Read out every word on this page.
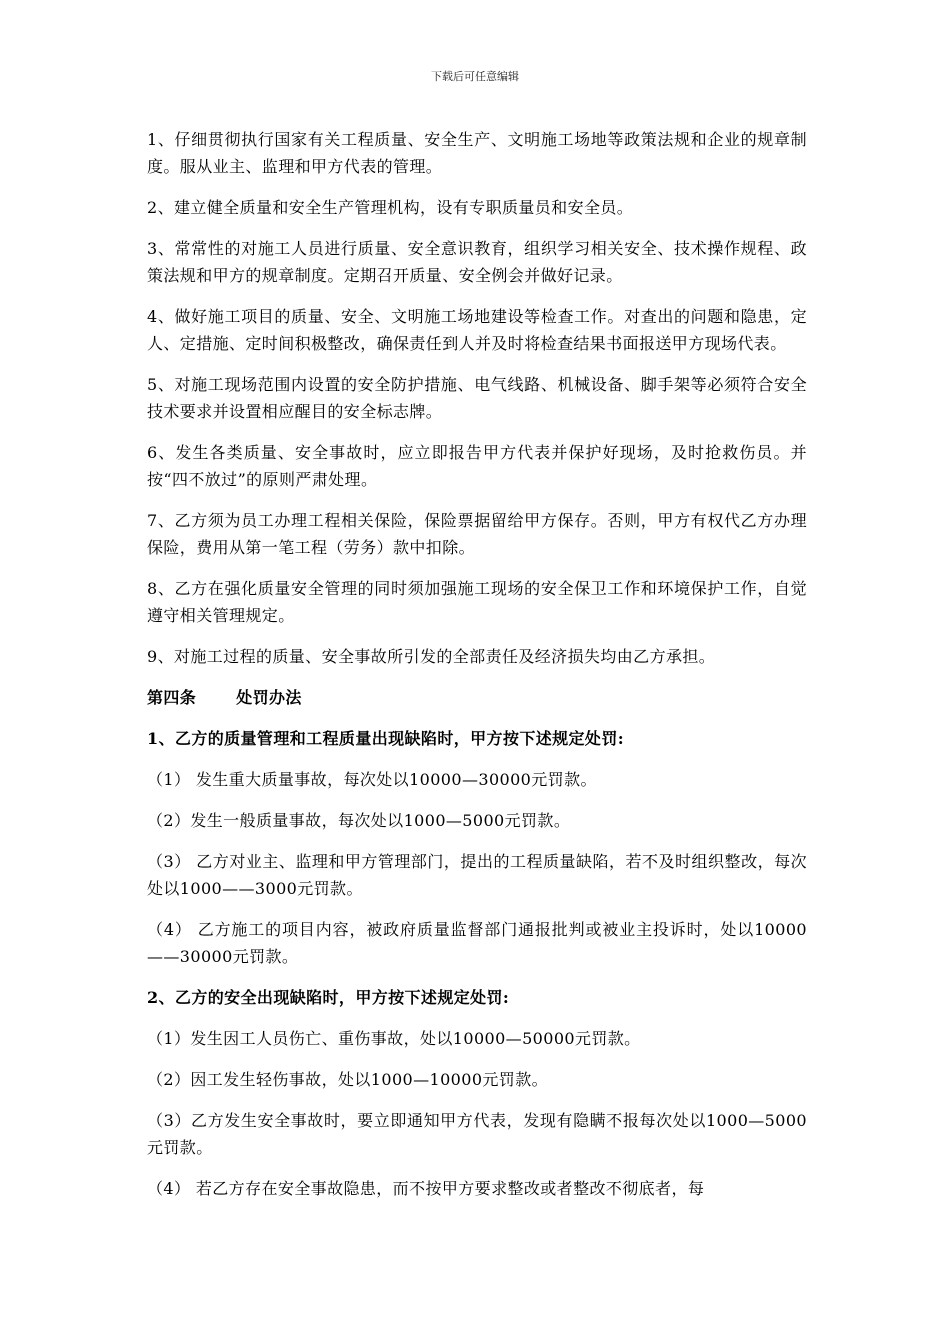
下载后可任意编辑

1、仔细贯彻执行国家有关工程质量、安全生产、文明施工场地等政策法规和企业的规章制度。服从业主、监理和甲方代表的管理。

2、建立健全质量和安全生产管理机构，设有专职质量员和安全员。

3、常常性的对施工人员进行质量、安全意识教育，组织学习相关安全、技术操作规程、政策法规和甲方的规章制度。定期召开质量、安全例会并做好记录。

4、做好施工项目的质量、安全、文明施工场地建设等检查工作。对查出的问题和隐患，定人、定措施、定时间积极整改，确保责任到人并及时将检查结果书面报送甲方现场代表。

5、对施工现场范围内设置的安全防护措施、电气线路、机械设备、脚手架等必须符合安全技术要求并设置相应醒目的安全标志牌。

6、发生各类质量、安全事故时，应立即报告甲方代表并保护好现场，及时抢救伤员。并按“四不放过”的原则严肃处理。

7、乙方须为员工办理工程相关保险，保险票据留给甲方保存。否则，甲方有权代乙方办理保险，费用从第一笔工程（劳务）款中扣除。

8、乙方在强化质量安全管理的同时须加强施工现场的安全保卫工作和环境保护工作，自觉遵守相关管理规定。

9、对施工过程的质量、安全事故所引发的全部责任及经济损失均由乙方承担。

第四条	处罚办法

1、乙方的质量管理和工程质量出现缺陷时，甲方按下述规定处罚:

（1） 发生重大质量事故，每次处以10000—30000元罚款。

（2）发生一般质量事故，每次处以1000—5000元罚款。

（3） 乙方对业主、监理和甲方管理部门，提出的工程质量缺陷，若不及时组织整改，每次处以1000——3000元罚款。

（4） 乙方施工的项目内容，被政府质量监督部门通报批判或被业主投诉时，处以10000——30000元罚款。

2、乙方的安全出现缺陷时，甲方按下述规定处罚:

（1）发生因工人员伤亡、重伤事故，处以10000—50000元罚款。

（2）因工发生轻伤事故，处以1000—10000元罚款。

（3）乙方发生安全事故时，要立即通知甲方代表，发现有隐瞒不报每次处以1000—5000元罚款。

（4） 若乙方存在安全事故隐患，而不按甲方要求整改或者整改不彻底者，每
